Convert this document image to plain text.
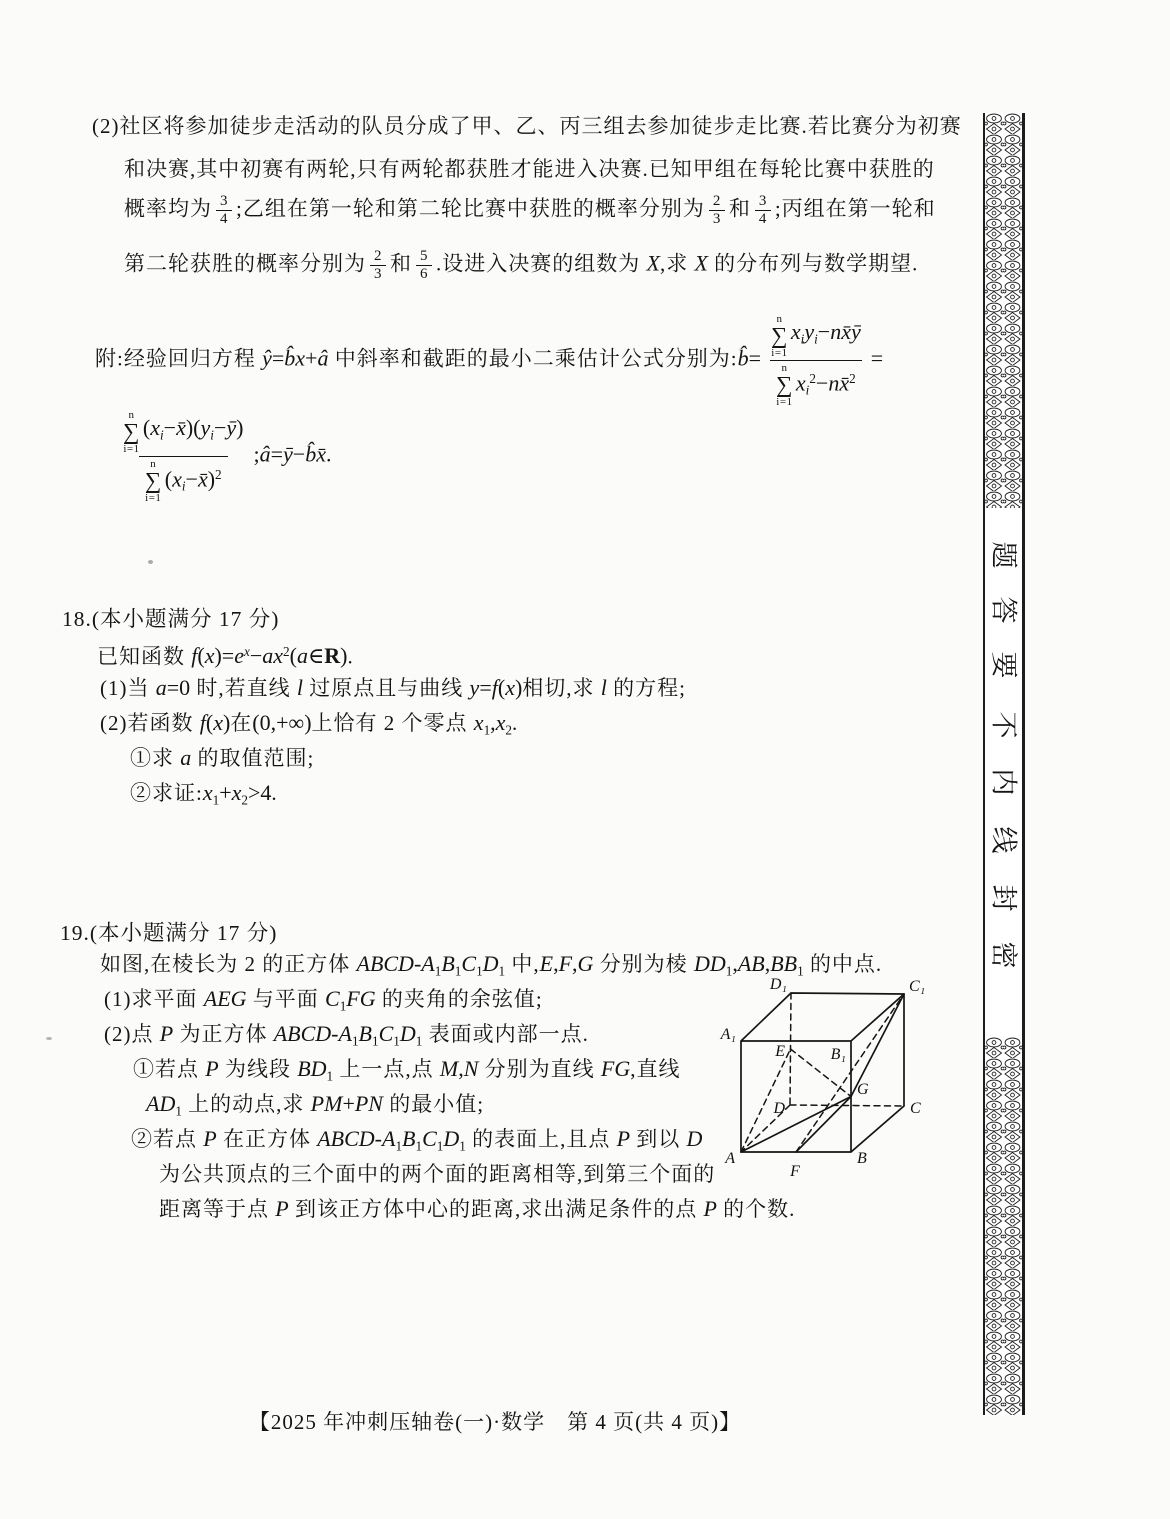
(2)社区将参加徒步走活动的队员分成了甲、乙、丙三组去参加徒步走比赛.若比赛分为初赛
和决赛,其中初赛有两轮,只有两轮都获胜才能进入决赛.已知甲组在每轮比赛中获胜的
概率均为 $\frac{3}{4}$ ;乙组在第一轮和第二轮比赛中获胜的概率分别为 $\frac{2}{3}$ 和 $\frac{3}{4}$ ;丙组在第一轮和
第二轮获胜的概率分别为 $\frac{2}{3}$ 和 $\frac{5}{6}$ .设进入决赛的组数为 X,求 X 的分布列与数学期望.
附:经验回归方程 ŷ=b̂x+â 中斜率和截距的最小二乘估计公式分别为:b̂=
n
∑
i=1
xiyi−nx̄ȳ
n
∑
i=1
$xi^2-nx̄^2$
=
n
∑
i=1
(xi−x̄)(yi−ȳ)
n
∑
i=1
(xi−x̄)$^2$ ;â=ȳ−b̂x̄.
18.(本小题满分 17 分)
已知函数 $f(x)=e^x-ax^2(a\in R)$.
(1)当 a=0 时,若直线 l 过原点且与曲线 y=f(x)相切,求 l 的方程;
(2)若函数 f(x)在(0,+∞)上恰有 2 个零点 x1,x2.
①求 a 的取值范围;
②求证:x1+x2>4.
19.(本小题满分 17 分)
如图,在棱长为 2 的正方体 ABCD-A1B1C1D1 中,E,F,G 分别为棱 DD1,AB,BB1 的中点.
(1)求平面 AEG 与平面 C1FG 的夹角的余弦值;
(2)点 P 为正方体 ABCD-A1B1C1D1 表面或内部一点.
①若点 P 为线段 BD1 上一点,点 M,N 分别为直线 FG,直线
AD1 上的动点,求 PM+PN 的最小值;
②若点 P 在正方体 ABCD-A1B1C1D1 的表面上,且点 P 到以 D
为公共顶点的三个面中的两个面的距离相等,到第三个面的
距离等于点 P 到该正方体中心的距离,求出满足条件的点 P 的个数.
D₁	C₁
A₁
B₁
E
D
G
C
A	B
F
题
答
要
不
内
线
封
密
【2025 年冲刺压轴卷(一)·数学　第 4 页(共 4 页)】
